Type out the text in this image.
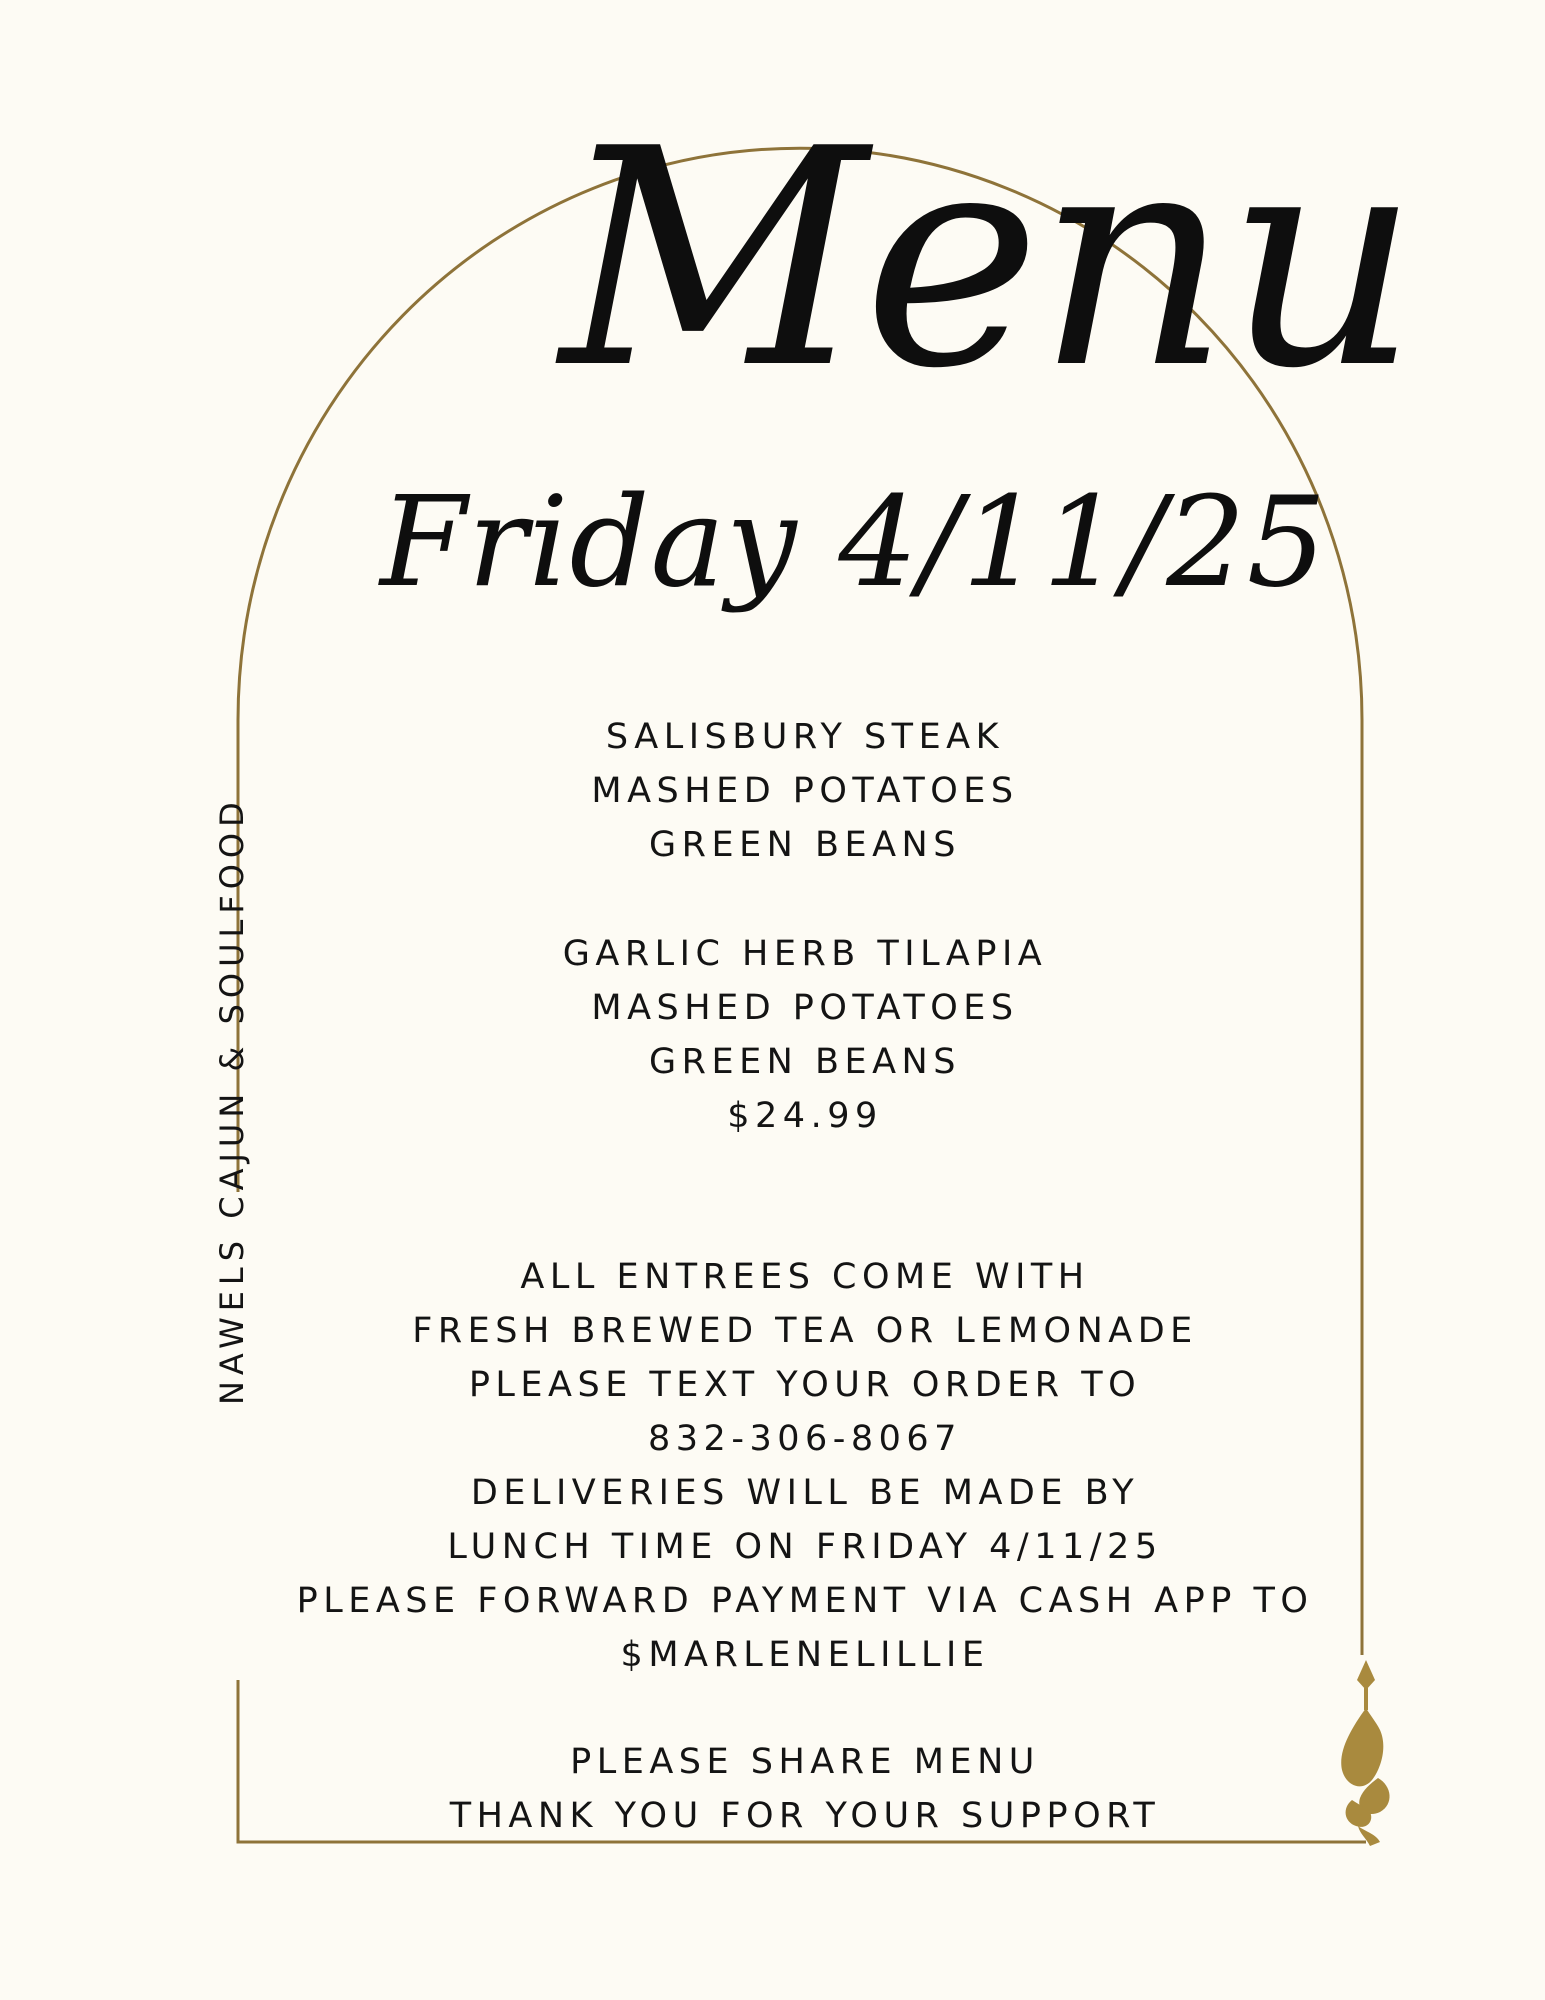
Menu
Friday 4/11/25
NAWELS CAJUN & SOULFOOD
SALISBURY STEAK
MASHED POTATOES
GREEN BEANS
GARLIC HERB TILAPIA
MASHED POTATOES
GREEN BEANS
$24.99
ALL ENTREES COME WITH
FRESH BREWED TEA OR LEMONADE
PLEASE TEXT YOUR ORDER TO
832-306-8067
DELIVERIES WILL BE MADE BY
LUNCH TIME ON FRIDAY 4/11/25
PLEASE FORWARD PAYMENT VIA CASH APP TO
$MARLENELILLIE
PLEASE SHARE MENU
THANK YOU FOR YOUR SUPPORT
